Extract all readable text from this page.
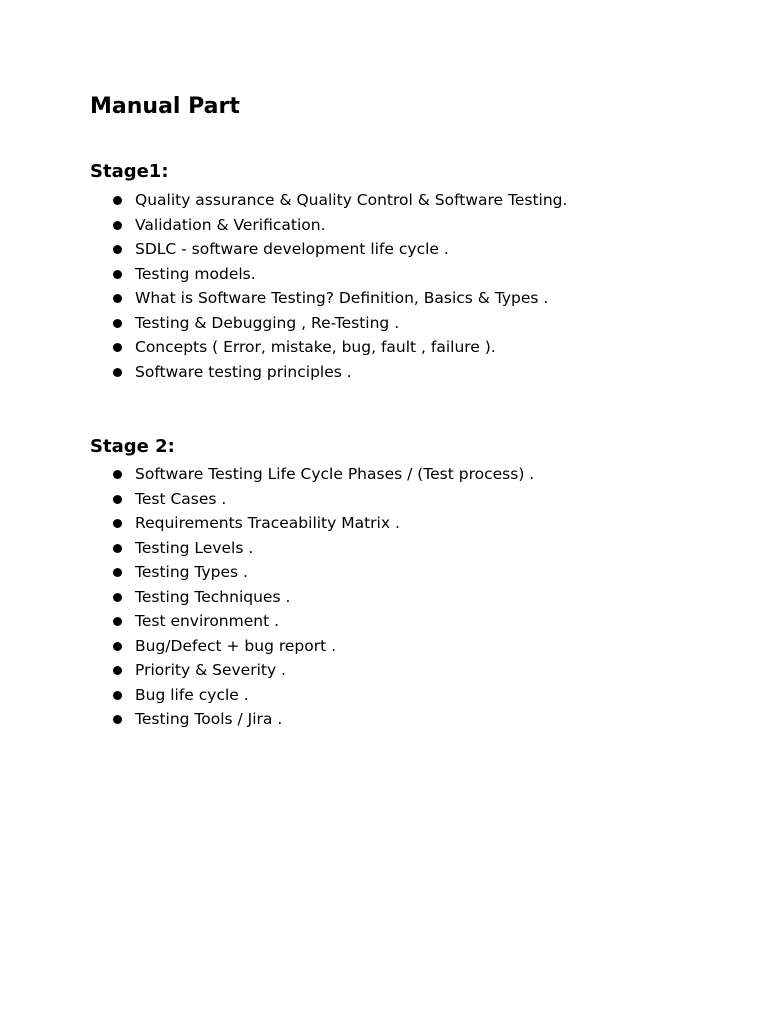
Manual Part
Stage1:
Quality assurance & Quality Control & Software Testing.
Validation & Verification.
SDLC - software development life cycle .
Testing models.
What is Software Testing? Definition, Basics & Types .
Testing & Debugging , Re-Testing .
Concepts ( Error, mistake, bug, fault , failure ).
Software testing principles .
Stage 2:
Software Testing Life Cycle Phases / (Test process) .
Test Cases .
Requirements Traceability Matrix .
Testing Levels .
Testing Types .
Testing Techniques .
Test environment .
Bug/Defect + bug report .
Priority & Severity .
Bug life cycle .
Testing Tools / Jira .
